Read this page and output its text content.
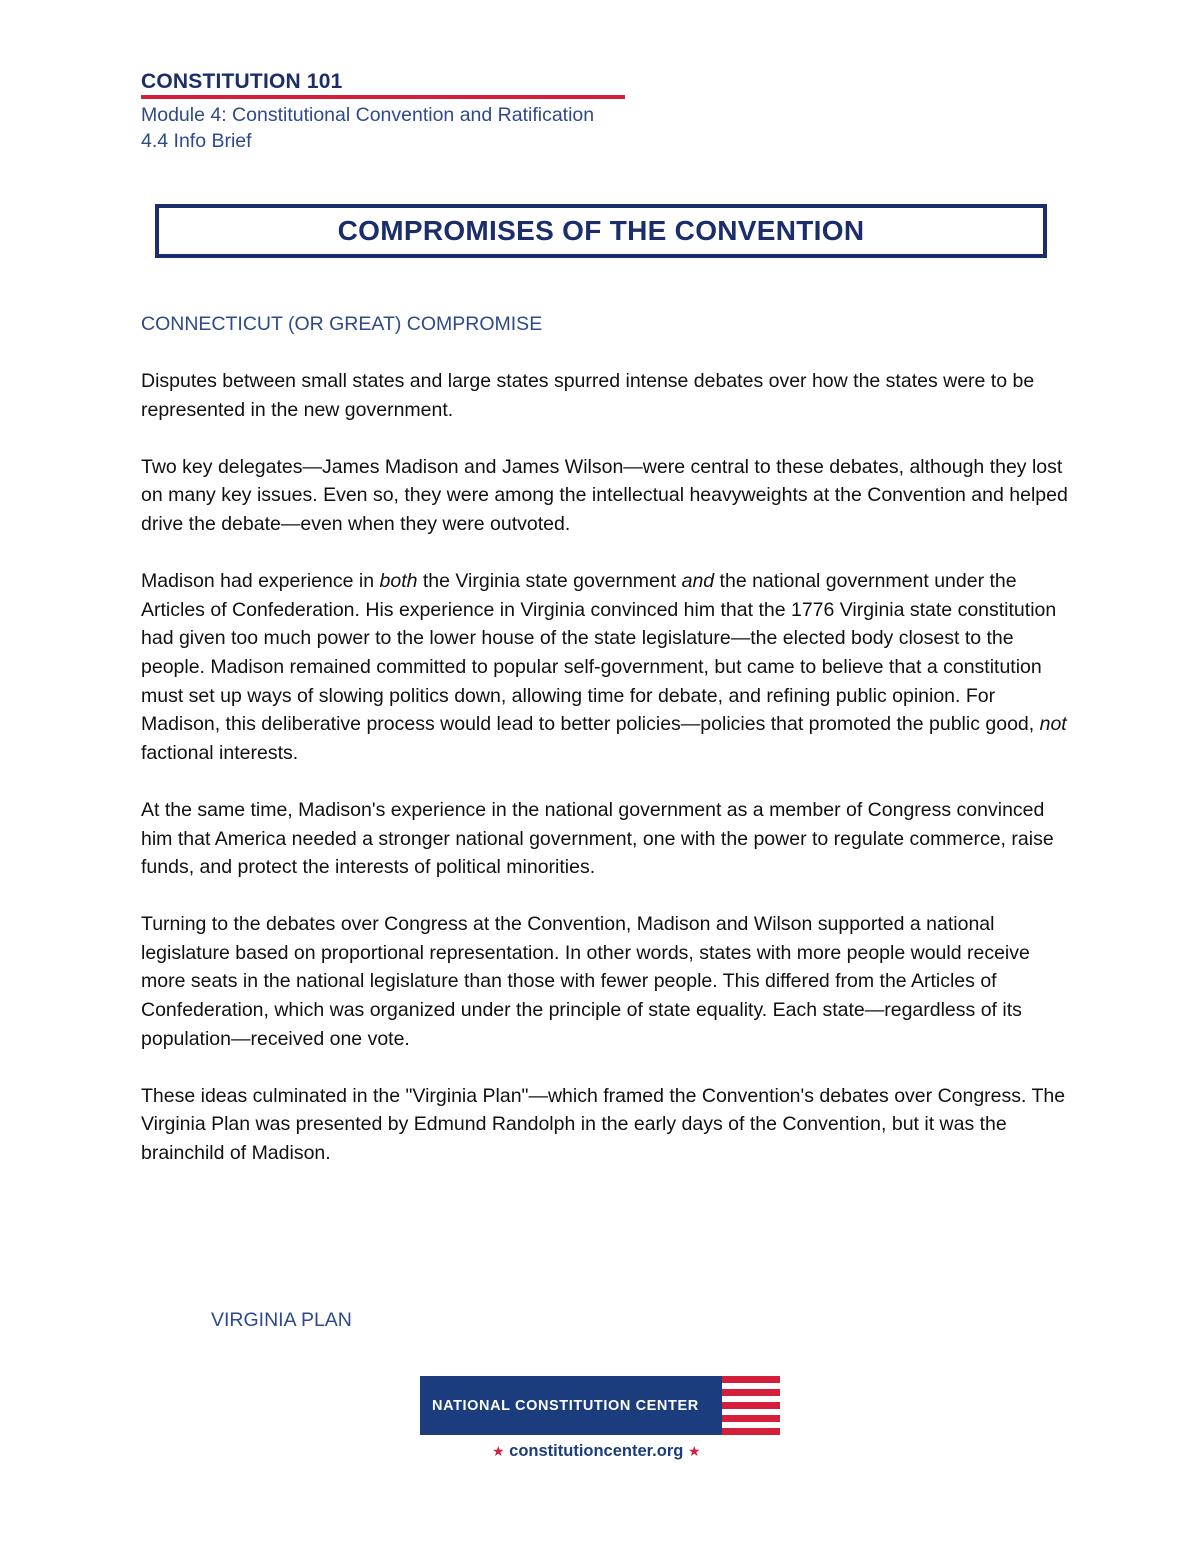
CONSTITUTION 101
Module 4: Constitutional Convention and Ratification
4.4 Info Brief
COMPROMISES OF THE CONVENTION
CONNECTICUT (OR GREAT) COMPROMISE

Disputes between small states and large states spurred intense debates over how the states were to be represented in the new government.

Two key delegates—James Madison and James Wilson—were central to these debates, although they lost on many key issues. Even so, they were among the intellectual heavyweights at the Convention and helped drive the debate—even when they were outvoted.

Madison had experience in both the Virginia state government and the national government under the Articles of Confederation. His experience in Virginia convinced him that the 1776 Virginia state constitution had given too much power to the lower house of the state legislature—the elected body closest to the people. Madison remained committed to popular self-government, but came to believe that a constitution must set up ways of slowing politics down, allowing time for debate, and refining public opinion. For Madison, this deliberative process would lead to better policies—policies that promoted the public good, not factional interests.

At the same time, Madison's experience in the national government as a member of Congress convinced him that America needed a stronger national government, one with the power to regulate commerce, raise funds, and protect the interests of political minorities.

Turning to the debates over Congress at the Convention, Madison and Wilson supported a national legislature based on proportional representation. In other words, states with more people would receive more seats in the national legislature than those with fewer people. This differed from the Articles of Confederation, which was organized under the principle of state equality. Each state—regardless of its population—received one vote.

These ideas culminated in the "Virginia Plan"—which framed the Convention's debates over Congress. The Virginia Plan was presented by Edmund Randolph in the early days of the Convention, but it was the brainchild of Madison.

VIRGINIA PLAN
NATIONAL CONSTITUTION CENTER
★ constitutioncenter.org ★
